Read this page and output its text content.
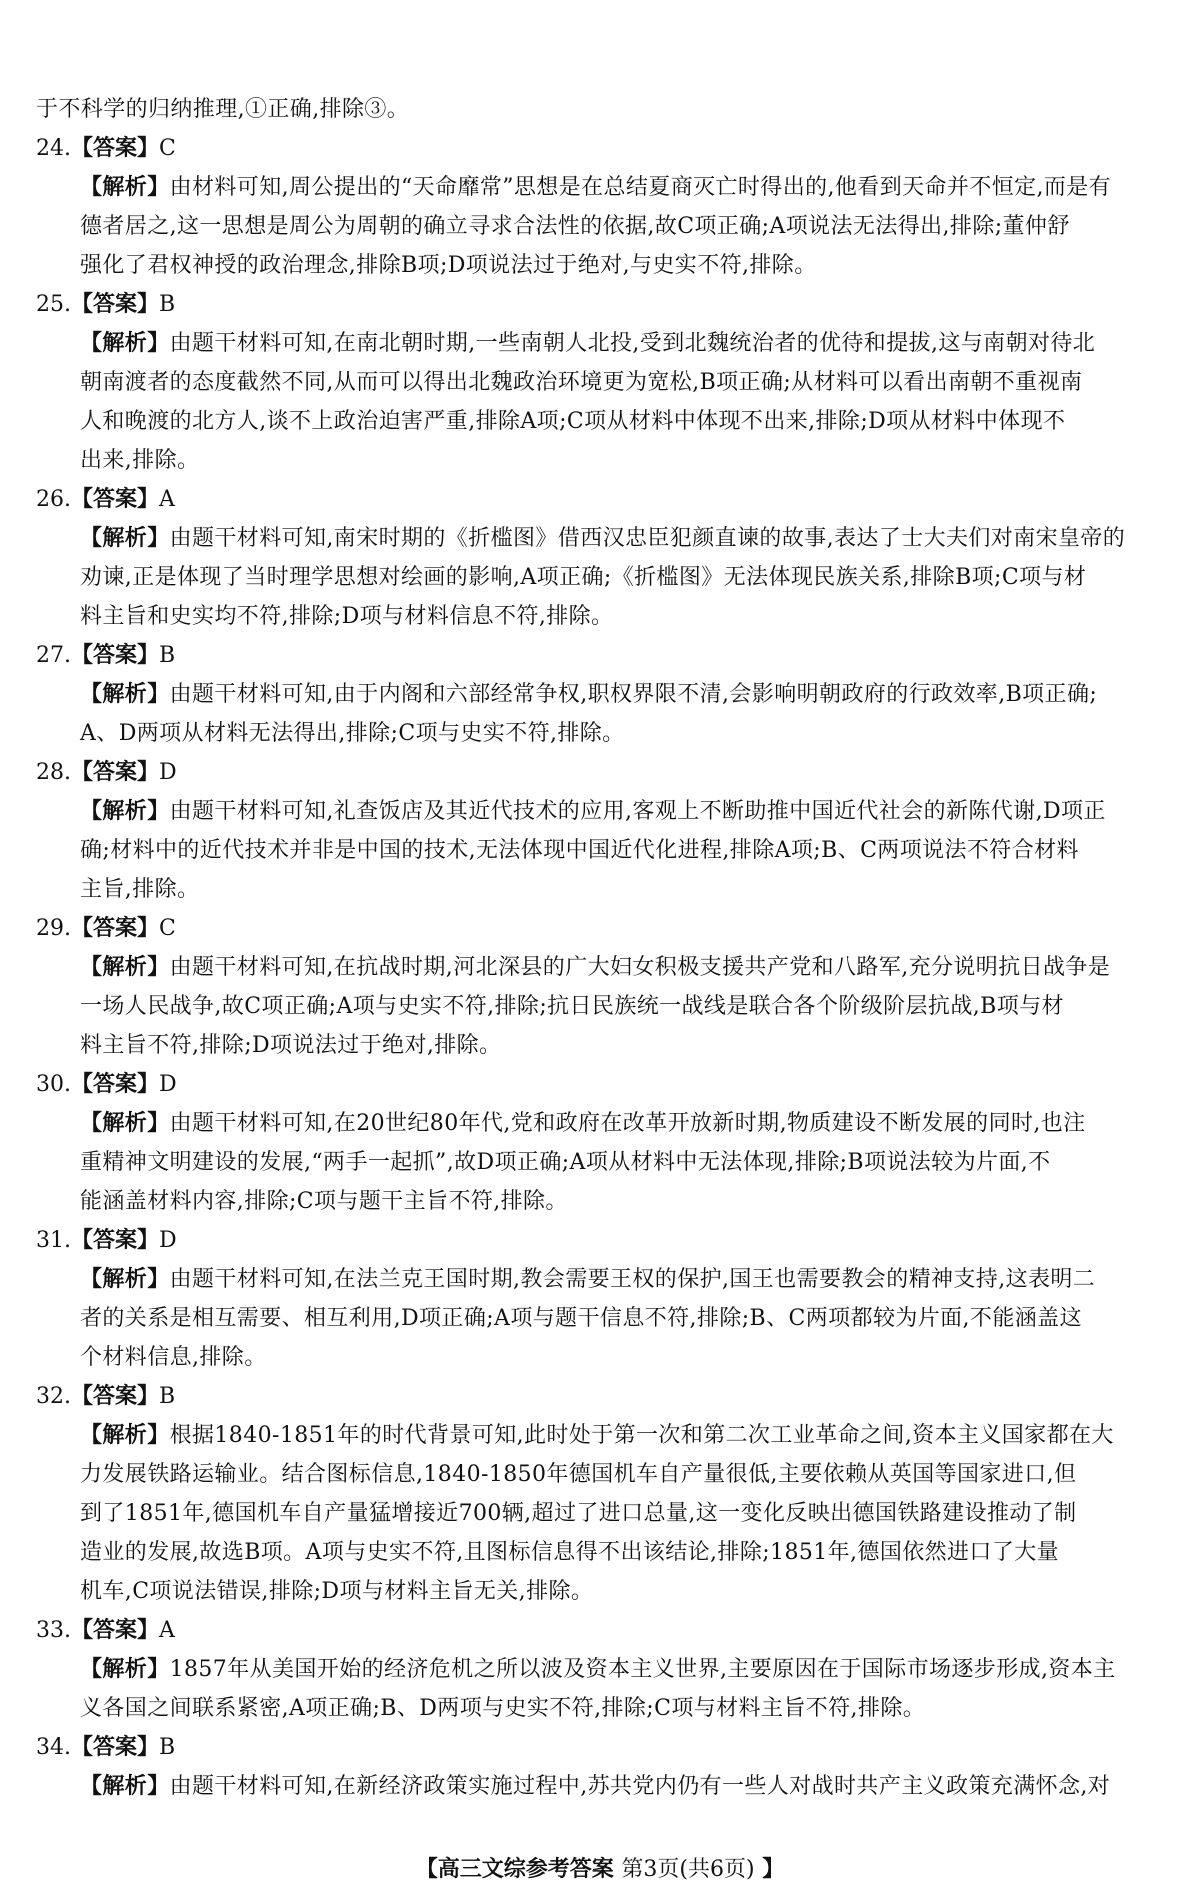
于不科学的归纳推理,①正确,排除③。
24.【答案】C
【解析】由材料可知,周公提出的“天命靡常”思想是在总结夏商灭亡时得出的,他看到天命并不恒定,而是有
德者居之,这一思想是周公为周朝的确立寻求合法性的依据,故C项正确;A项说法无法得出,排除;董仲舒
强化了君权神授的政治理念,排除B项;D项说法过于绝对,与史实不符,排除。
25.【答案】B
【解析】由题干材料可知,在南北朝时期,一些南朝人北投,受到北魏统治者的优待和提拔,这与南朝对待北
朝南渡者的态度截然不同,从而可以得出北魏政治环境更为宽松,B项正确;从材料可以看出南朝不重视南
人和晚渡的北方人,谈不上政治迫害严重,排除A项;C项从材料中体现不出来,排除;D项从材料中体现不
出来,排除。
26.【答案】A
【解析】由题干材料可知,南宋时期的《折槛图》借西汉忠臣犯颜直谏的故事,表达了士大夫们对南宋皇帝的
劝谏,正是体现了当时理学思想对绘画的影响,A项正确;《折槛图》无法体现民族关系,排除B项;C项与材
料主旨和史实均不符,排除;D项与材料信息不符,排除。
27.【答案】B
【解析】由题干材料可知,由于内阁和六部经常争权,职权界限不清,会影响明朝政府的行政效率,B项正确;
A、D两项从材料无法得出,排除;C项与史实不符,排除。
28.【答案】D
【解析】由题干材料可知,礼查饭店及其近代技术的应用,客观上不断助推中国近代社会的新陈代谢,D项正
确;材料中的近代技术并非是中国的技术,无法体现中国近代化进程,排除A项;B、C两项说法不符合材料
主旨,排除。
29.【答案】C
【解析】由题干材料可知,在抗战时期,河北深县的广大妇女积极支援共产党和八路军,充分说明抗日战争是
一场人民战争,故C项正确;A项与史实不符,排除;抗日民族统一战线是联合各个阶级阶层抗战,B项与材
料主旨不符,排除;D项说法过于绝对,排除。
30.【答案】D
【解析】由题干材料可知,在20世纪80年代,党和政府在改革开放新时期,物质建设不断发展的同时,也注
重精神文明建设的发展,“两手一起抓”,故D项正确;A项从材料中无法体现,排除;B项说法较为片面,不
能涵盖材料内容,排除;C项与题干主旨不符,排除。
31.【答案】D
【解析】由题干材料可知,在法兰克王国时期,教会需要王权的保护,国王也需要教会的精神支持,这表明二
者的关系是相互需要、相互利用,D项正确;A项与题干信息不符,排除;B、C两项都较为片面,不能涵盖这
个材料信息,排除。
32.【答案】B
【解析】根据1840-1851年的时代背景可知,此时处于第一次和第二次工业革命之间,资本主义国家都在大
力发展铁路运输业。结合图标信息,1840-1850年德国机车自产量很低,主要依赖从英国等国家进口,但
到了1851年,德国机车自产量猛增接近700辆,超过了进口总量,这一变化反映出德国铁路建设推动了制
造业的发展,故选B项。A项与史实不符,且图标信息得不出该结论,排除;1851年,德国依然进口了大量
机车,C项说法错误,排除;D项与材料主旨无关,排除。
33.【答案】A
【解析】1857年从美国开始的经济危机之所以波及资本主义世界,主要原因在于国际市场逐步形成,资本主
义各国之间联系紧密,A项正确;B、D两项与史实不符,排除;C项与材料主旨不符,排除。
34.【答案】B
【解析】由题干材料可知,在新经济政策实施过程中,苏共党内仍有一些人对战时共产主义政策充满怀念,对
【高三文综参考答案 第3页(共6页) 】
